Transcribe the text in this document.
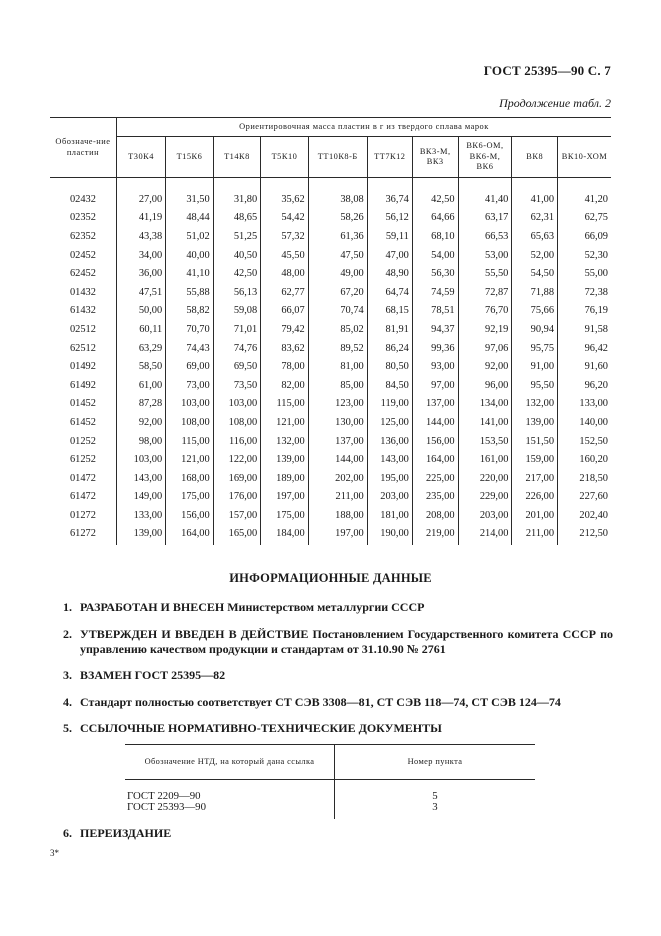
ГОСТ 25395—90 С. 7
Продолжение табл. 2
Обозначе-ние пластин	Ориентировочная масса пластин в г из твердого сплава марок									
	Т30К4	Т15К6	Т14К8	Т5К10	ТТ10К8-Б	ТТ7К12	ВК3-М, ВК3	ВК6-ОМ, ВК6-М, ВК6	ВК8	ВК10-ХОМ
02432	27,00	31,50	31,80	35,62	38,08	36,74	42,50	41,40	41,00	41,20
02352	41,19	48,44	48,65	54,42	58,26	56,12	64,66	63,17	62,31	62,75
62352	43,38	51,02	51,25	57,32	61,36	59,11	68,10	66,53	65,63	66,09
02452	34,00	40,00	40,50	45,50	47,50	47,00	54,00	53,00	52,00	52,30
62452	36,00	41,10	42,50	48,00	49,00	48,90	56,30	55,50	54,50	55,00
01432	47,51	55,88	56,13	62,77	67,20	64,74	74,59	72,87	71,88	72,38
61432	50,00	58,82	59,08	66,07	70,74	68,15	78,51	76,70	75,66	76,19
02512	60,11	70,70	71,01	79,42	85,02	81,91	94,37	92,19	90,94	91,58
62512	63,29	74,43	74,76	83,62	89,52	86,24	99,36	97,06	95,75	96,42
01492	58,50	69,00	69,50	78,00	81,00	80,50	93,00	92,00	91,00	91,60
61492	61,00	73,00	73,50	82,00	85,00	84,50	97,00	96,00	95,50	96,20
01452	87,28	103,00	103,00	115,00	123,00	119,00	137,00	134,00	132,00	133,00
61452	92,00	108,00	108,00	121,00	130,00	125,00	144,00	141,00	139,00	140,00
01252	98,00	115,00	116,00	132,00	137,00	136,00	156,00	153,50	151,50	152,50
61252	103,00	121,00	122,00	139,00	144,00	143,00	164,00	161,00	159,00	160,20
01472	143,00	168,00	169,00	189,00	202,00	195,00	225,00	220,00	217,00	218,50
61472	149,00	175,00	176,00	197,00	211,00	203,00	235,00	229,00	226,00	227,60
01272	133,00	156,00	157,00	175,00	188,00	181,00	208,00	203,00	201,00	202,40
61272	139,00	164,00	165,00	184,00	197,00	190,00	219,00	214,00	211,00	212,50
ИНФОРМАЦИОННЫЕ ДАННЫЕ
1. РАЗРАБОТАН И ВНЕСЕН Министерством металлургии СССР
2. УТВЕРЖДЕН И ВВЕДЕН В ДЕЙСТВИЕ Постановлением Государственного комитета СССР по управлению качеством продукции и стандартам от 31.10.90 № 2761
3. ВЗАМЕН ГОСТ 25395—82
4. Стандарт полностью соответствует СТ СЭВ 3308—81, СТ СЭВ 118—74, СТ СЭВ 124—74
5. ССЫЛОЧНЫЕ НОРМАТИВНО-ТЕХНИЧЕСКИЕ ДОКУМЕНТЫ
Обозначение НТД, на который дана ссылка	Номер пункта
ГОСТ 2209—90	5
ГОСТ 25393—90	3

6. ПЕРЕИЗДАНИЕ
3*
